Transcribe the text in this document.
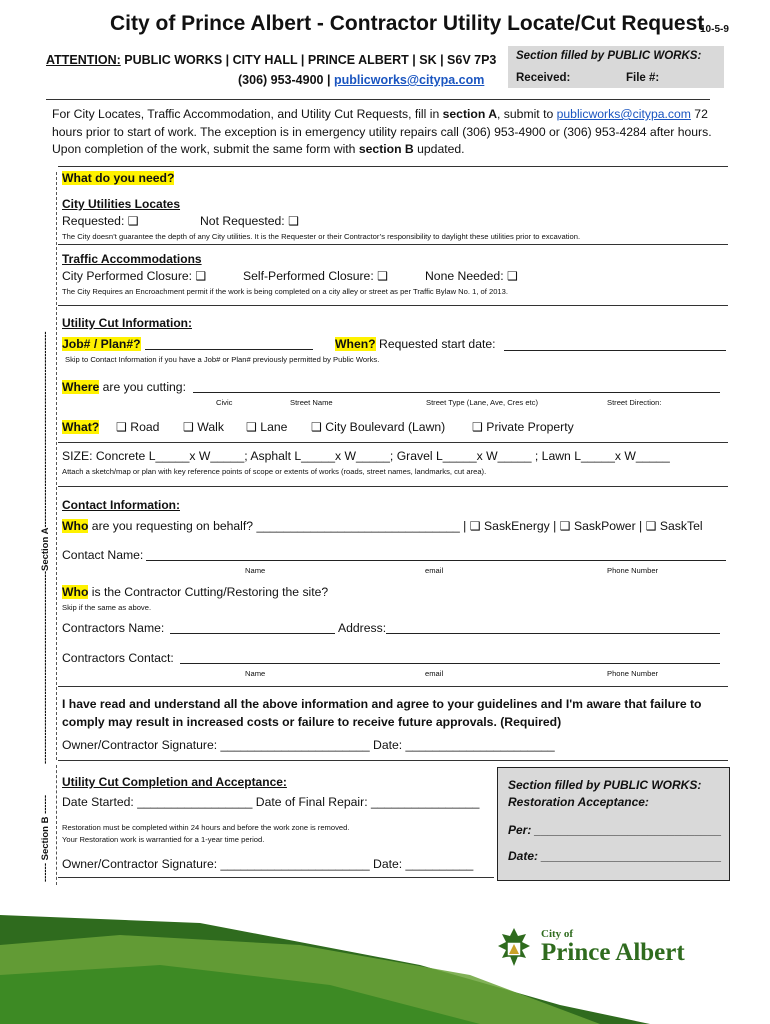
City of Prince Albert - Contractor Utility Locate/Cut Request
10-5-9
ATTENTION: PUBLIC WORKS | CITY HALL | PRINCE ALBERT | SK | S6V 7P3
(306) 953-4900 | publicworks@citypa.com
Section filled by PUBLIC WORKS:
Received:	File #:
For City Locates, Traffic Accommodation, and Utility Cut Requests, fill in section A, submit to publicworks@citypa.com 72 hours prior to start of work. The exception is in emergency utility repairs call (306) 953-4900 or (306) 953-4284 after hours. Upon completion of the work, submit the same form with section B updated.
-------------------------------------------------------------Section A--------------------------------------------------------------
What do you need?
City Utilities Locates
Requested: ❑	Not Requested: ❑
The City doesn’t guarantee the depth of any City utilities. It is the Requester or their Contractor’s responsibility to daylight these utilities prior to excavation.
Traffic Accommodations
City Performed Closure: ❑	Self-Performed Closure: ❑	None Needed: ❑
The City Requires an Encroachment permit if the work is being completed on a city alley or street as per Traffic Bylaw No. 1, of 2013.
Utility Cut Information:
Job# / Plan#?	When? Requested start date:
Skip to Contact Information if you have a Job# or Plan# previously permitted by Public Works.
Where are you cutting:
Civic	Street Name	Street Type (Lane, Ave, Cres etc)	Street Direction:
What? ❑ Road ❑ Walk ❑ Lane ❑ City Boulevard (Lawn) ❑ Private Property
SIZE: Concrete L_____x W_____; Asphalt L_____x W_____; Gravel L_____x W_____ ; Lawn L_____x W_____
Attach a sketch/map or plan with key reference points of scope or extents of works (roads, street names, landmarks, cut area).
Contact Information:
Who are you requesting on behalf? ______________________________ | ❑ SaskEnergy | ❑ SaskPower | ❑ SaskTel
Contact Name:
Name	email	Phone Number
Who is the Contractor Cutting/Restoring the site?
Skip if the same as above.
Contractors Name:	Address:
Contractors Contact:
Name	email	Phone Number
I have read and understand all the above information and agree to your guidelines and I'm aware that failure to comply may result in increased costs or failure to receive future approvals. (Required)
Owner/Contractor Signature: ______________________ Date: ______________________
------ Section B ------
Utility Cut Completion and Acceptance:
Date Started: _________________ Date of Final Repair: ________________
Restoration must be completed within 24 hours and before the work zone is removed.
Your Restoration work is warrantied for a 1-year time period.
Owner/Contractor Signature: ______________________ Date: __________
Section filled by PUBLIC WORKS:
Restoration Acceptance:
Per: ____________________________
Date: ___________________________
City of
Prince Albert
